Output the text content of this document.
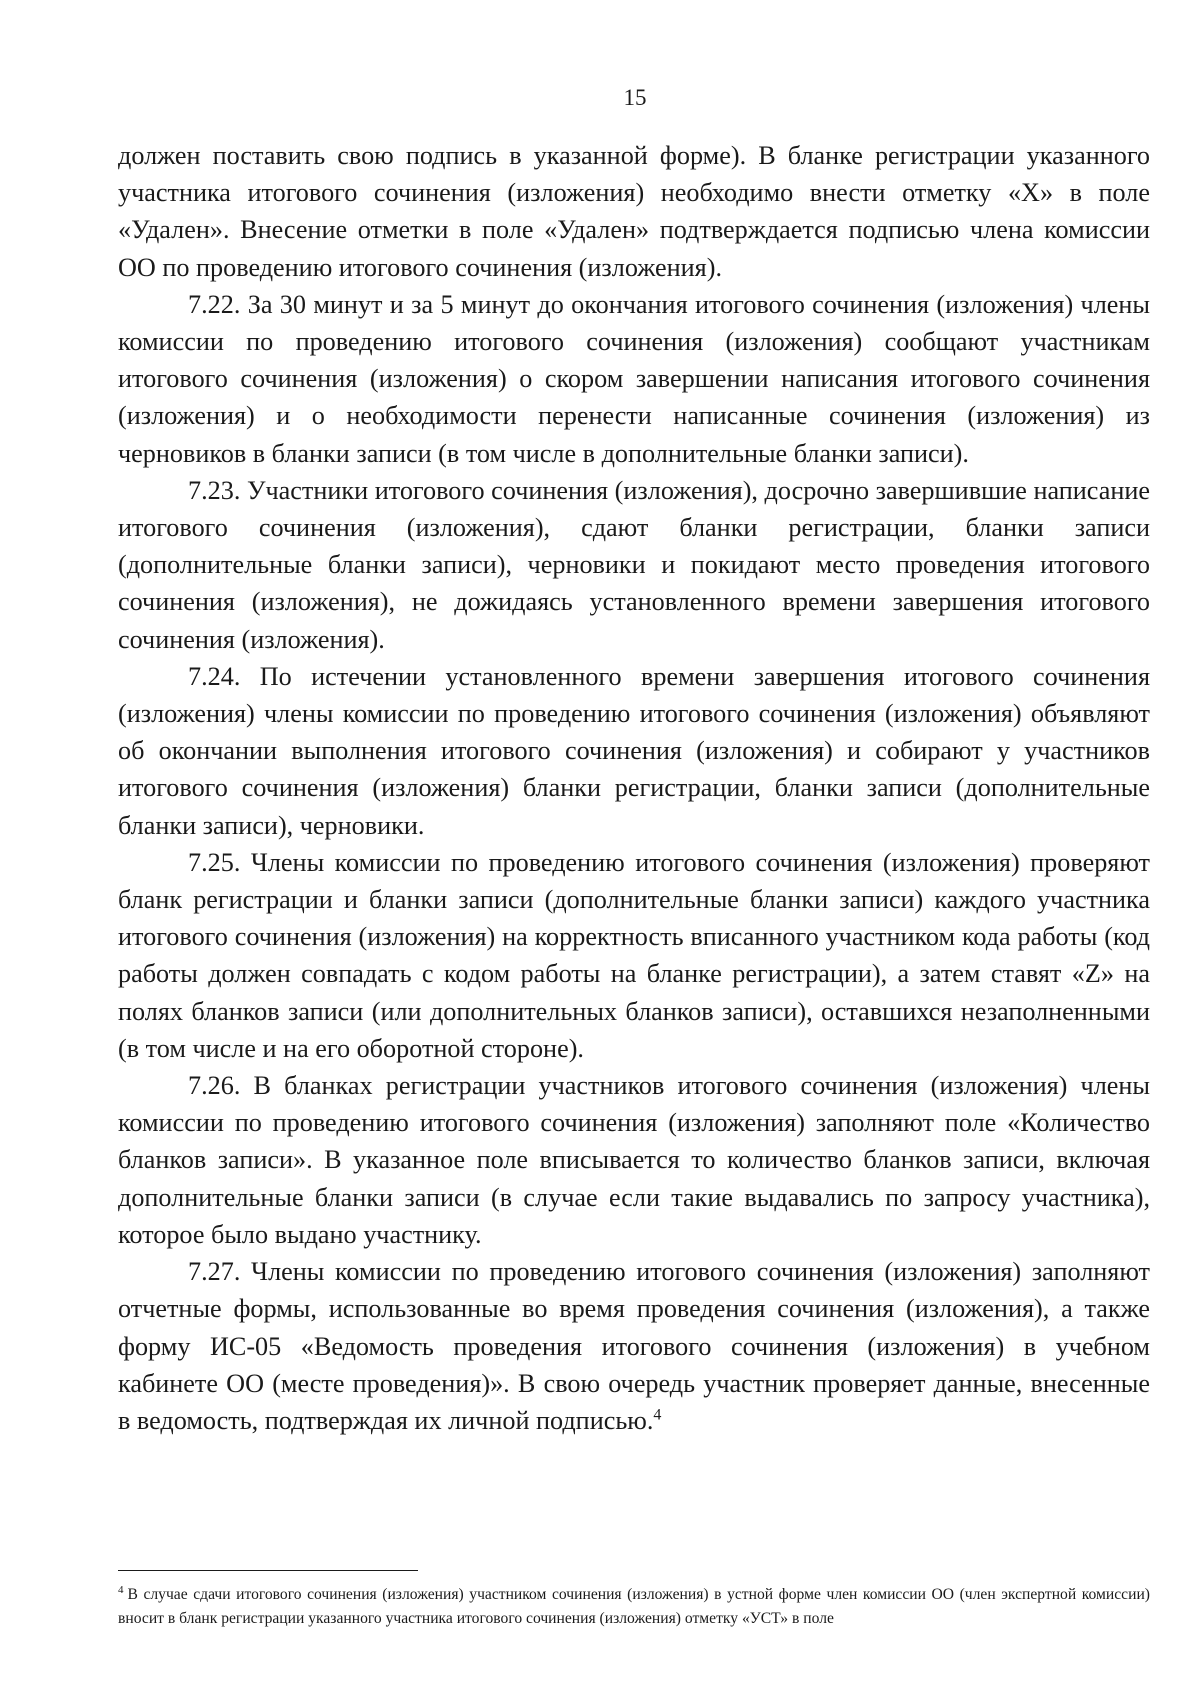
15

должен поставить свою подпись в указанной форме). В бланке регистрации указанного участника итогового сочинения (изложения) необходимо внести отметку «X» в поле «Удален». Внесение отметки в поле «Удален» подтверждается подписью члена комиссии ОО по проведению итогового сочинения (изложения).

7.22. За 30 минут и за 5 минут до окончания итогового сочинения (изложения) члены комиссии по проведению итогового сочинения (изложения) сообщают участникам итогового сочинения (изложения) о скором завершении написания итогового сочинения (изложения) и о необходимости перенести написанные сочинения (изложения) из черновиков в бланки записи (в том числе в дополнительные бланки записи).

7.23. Участники итогового сочинения (изложения), досрочно завершившие написание итогового сочинения (изложения), сдают бланки регистрации, бланки записи (дополнительные бланки записи), черновики и покидают место проведения итогового сочинения (изложения), не дожидаясь установленного времени завершения итогового сочинения (изложения).

7.24. По истечении установленного времени завершения итогового сочинения (изложения) члены комиссии по проведению итогового сочинения (изложения) объявляют об окончании выполнения итогового сочинения (изложения) и собирают у участников итогового сочинения (изложения) бланки регистрации, бланки записи (дополнительные бланки записи), черновики.

7.25. Члены комиссии по проведению итогового сочинения (изложения) проверяют бланк регистрации и бланки записи (дополнительные бланки записи) каждого участника итогового сочинения (изложения) на корректность вписанного участником кода работы (код работы должен совпадать с кодом работы на бланке регистрации), а затем ставят «Z» на полях бланков записи (или дополнительных бланков записи), оставшихся незаполненными (в том числе и на его оборотной стороне).

7.26. В бланках регистрации участников итогового сочинения (изложения) члены комиссии по проведению итогового сочинения (изложения) заполняют поле «Количество бланков записи». В указанное поле вписывается то количество бланков записи, включая дополнительные бланки записи (в случае если такие выдавались по запросу участника), которое было выдано участнику.

7.27. Члены комиссии по проведению итогового сочинения (изложения) заполняют отчетные формы, использованные во время проведения сочинения (изложения), а также форму ИС-05 «Ведомость проведения итогового сочинения (изложения) в учебном кабинете ОО (месте проведения)». В свою очередь участник проверяет данные, внесенные в ведомость, подтверждая их личной подписью.$^4$

$^4$ В случае сдачи итогового сочинения (изложения) участником сочинения (изложения) в устной форме член комиссии ОО (член экспертной комиссии) вносит в бланк регистрации указанного участника итогового сочинения (изложения) отметку «УСТ» в поле
